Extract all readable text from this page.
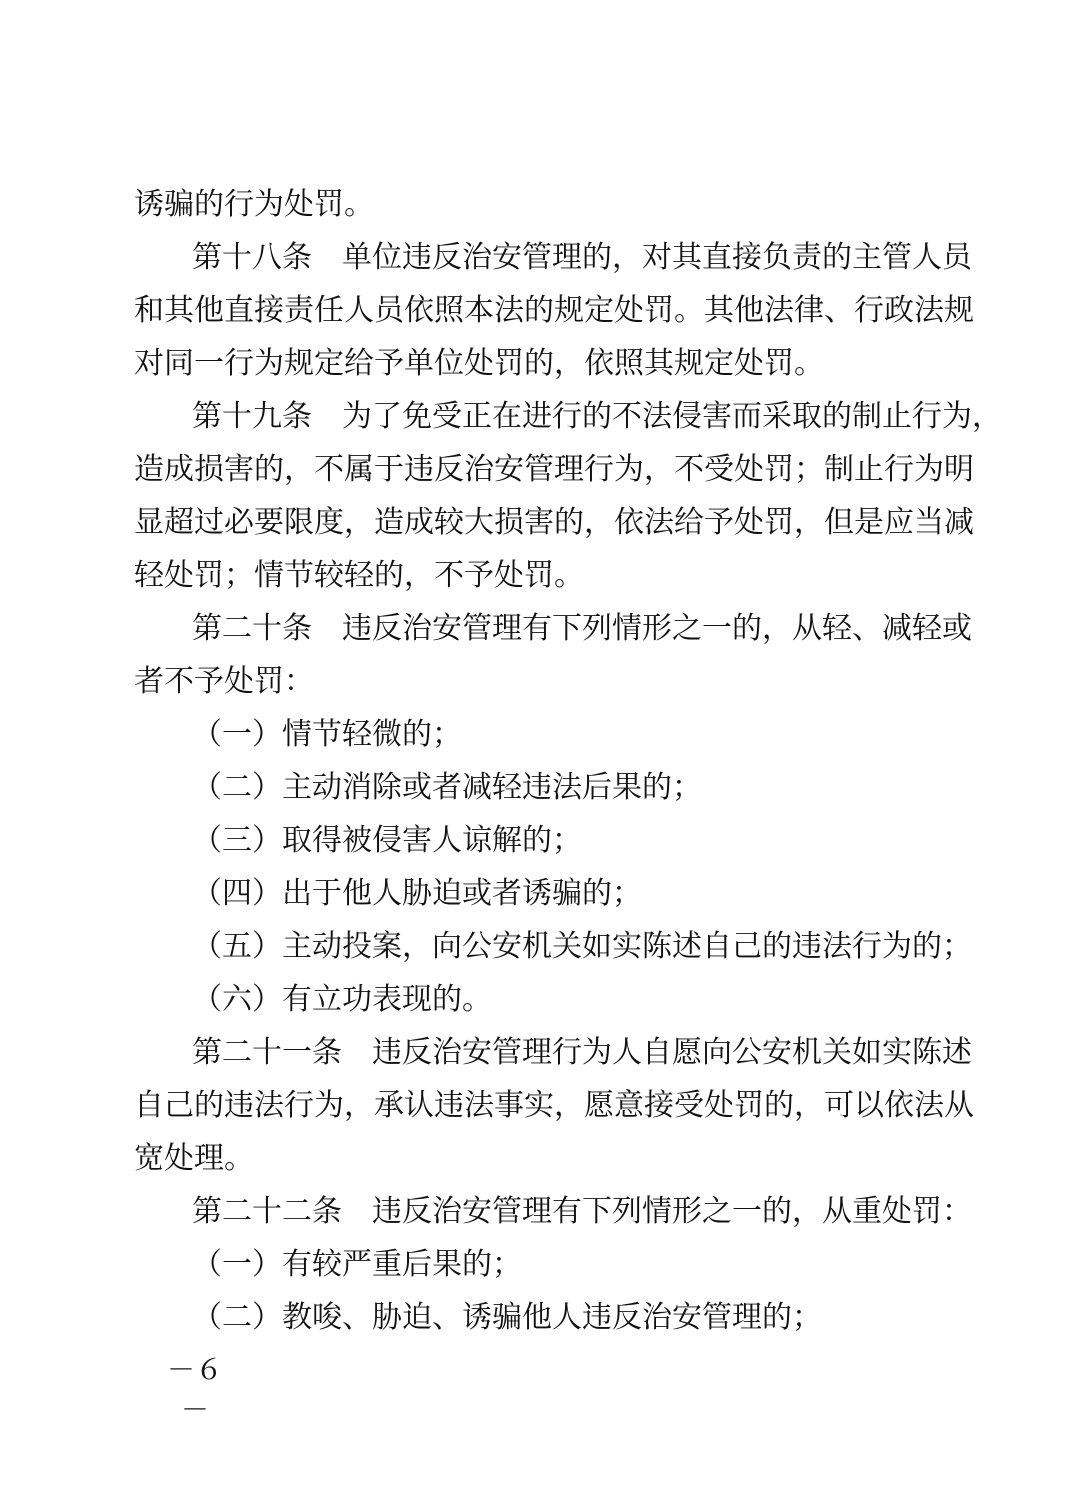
诱骗的行为处罚。
第十八条　单位违反治安管理的，对其直接负责的主管人员
和其他直接责任人员依照本法的规定处罚。其他法律、行政法规
对同一行为规定给予单位处罚的，依照其规定处罚。
第十九条　为了免受正在进行的不法侵害而采取的制止行为，
造成损害的，不属于违反治安管理行为，不受处罚；制止行为明
显超过必要限度，造成较大损害的，依法给予处罚，但是应当减
轻处罚；情节较轻的，不予处罚。
第二十条　违反治安管理有下列情形之一的，从轻、减轻或
者不予处罚：
（一）情节轻微的；
（二）主动消除或者减轻违法后果的；
（三）取得被侵害人谅解的；
（四）出于他人胁迫或者诱骗的；
（五）主动投案，向公安机关如实陈述自己的违法行为的；
（六）有立功表现的。
第二十一条　违反治安管理行为人自愿向公安机关如实陈述
自己的违法行为，承认违法事实，愿意接受处罚的，可以依法从
宽处理。
第二十二条　违反治安管理有下列情形之一的，从重处罚：
（一）有较严重后果的；
（二）教唆、胁迫、诱骗他人违反治安管理的；
－６－
